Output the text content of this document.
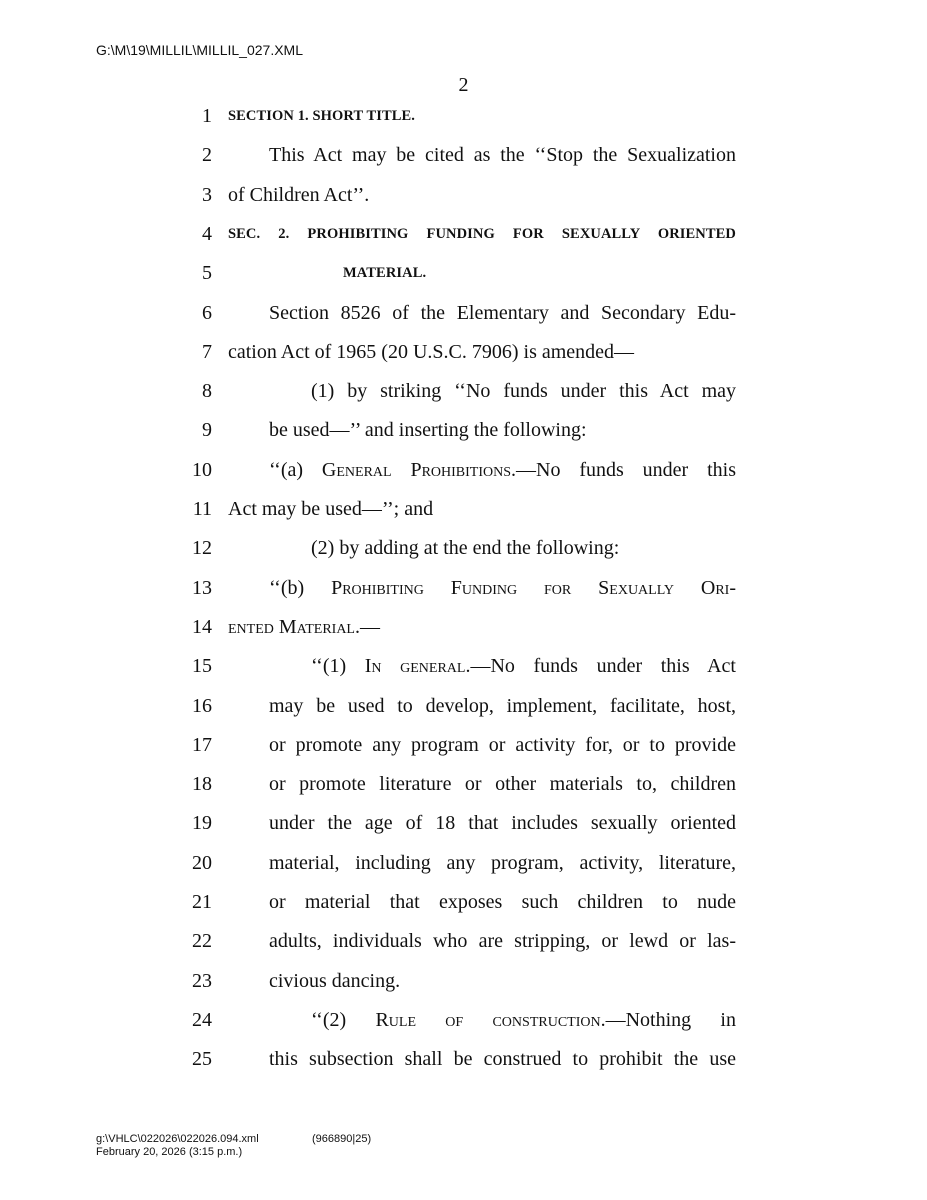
G:\M\19\MILLIL\MILLIL_027.XML
2
1 SECTION 1. SHORT TITLE.
2	This Act may be cited as the ‘‘Stop the Sexualization
3 of Children Act’’.
4 SEC. 2. PROHIBITING FUNDING FOR SEXUALLY ORIENTED
5	MATERIAL.
6	Section 8526 of the Elementary and Secondary Edu-
7 cation Act of 1965 (20 U.S.C. 7906) is amended—
8	(1) by striking ‘‘No funds under this Act may
9	be used—’’ and inserting the following:
10	‘‘(a) General Prohibitions.—No funds under this
11 Act may be used—’’; and
12	(2) by adding at the end the following:
13	‘‘(b) Prohibiting Funding for Sexually Ori-
14 ented Material.—
15	‘‘(1) In general.—No funds under this Act
16	may be used to develop, implement, facilitate, host,
17	or promote any program or activity for, or to provide
18	or promote literature or other materials to, children
19	under the age of 18 that includes sexually oriented
20	material, including any program, activity, literature,
21	or material that exposes such children to nude
22	adults, individuals who are stripping, or lewd or las-
23	civious dancing.
24	‘‘(2) Rule of construction.—Nothing in
25	this subsection shall be construed to prohibit the use
g:\VHLC\022026\022026.094.xml	(966890|25)
February 20, 2026 (3:15 p.m.)
